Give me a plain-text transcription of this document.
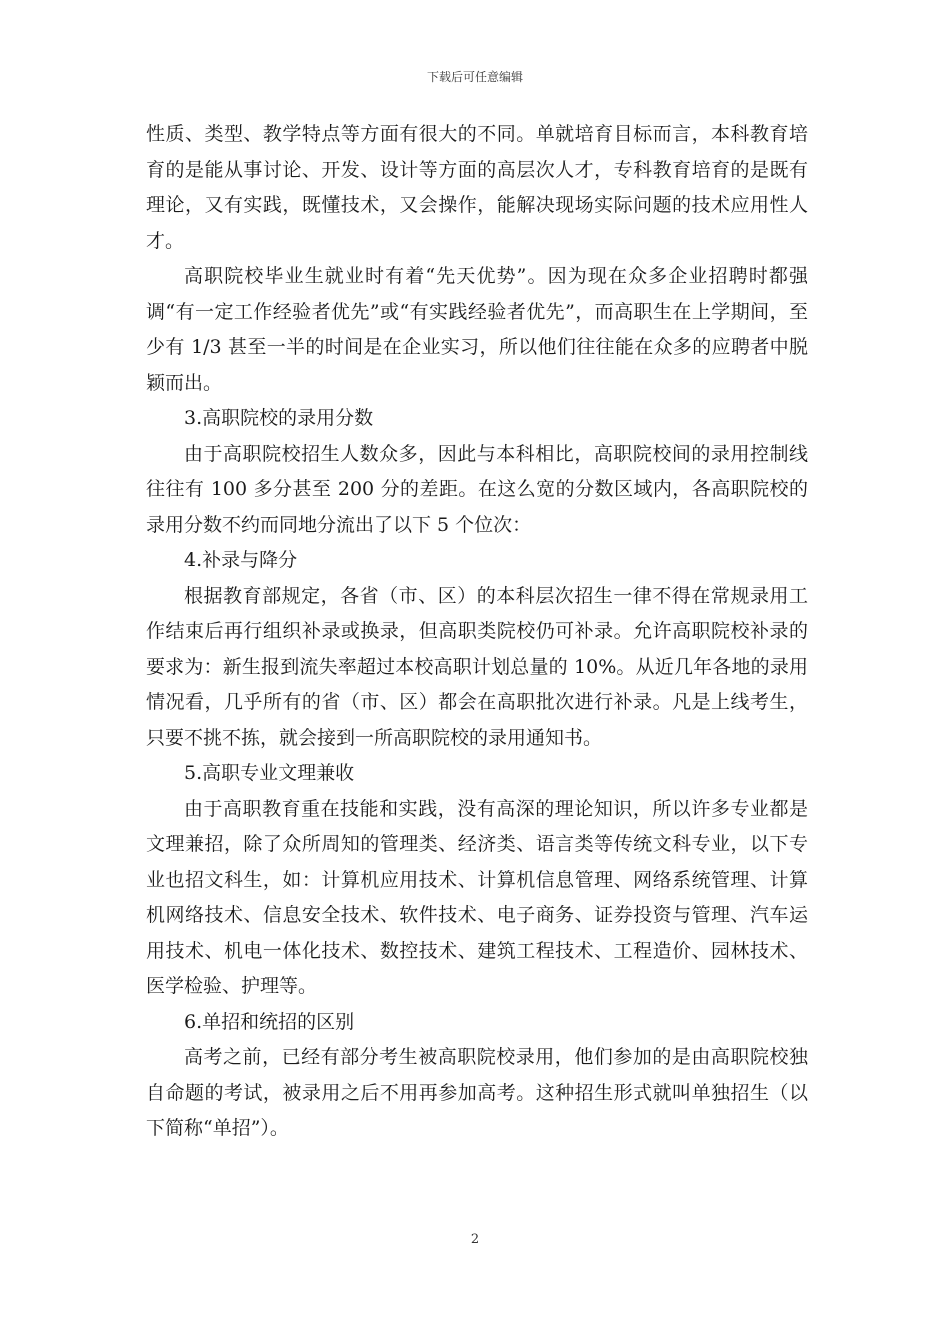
下载后可任意编辑

性质、类型、教学特点等方面有很大的不同。单就培育目标而言，本科教育培育的是能从事讨论、开发、设计等方面的高层次人才，专科教育培育的是既有理论，又有实践，既懂技术，又会操作，能解决现场实际问题的技术应用性人才。

高职院校毕业生就业时有着“先天优势”。因为现在众多企业招聘时都强调“有一定工作经验者优先”或“有实践经验者优先”，而高职生在上学期间，至少有 1/3 甚至一半的时间是在企业实习，所以他们往往能在众多的应聘者中脱颖而出。

3.高职院校的录用分数

由于高职院校招生人数众多，因此与本科相比，高职院校间的录用控制线往往有 100 多分甚至 200 分的差距。在这么宽的分数区域内，各高职院校的录用分数不约而同地分流出了以下 5 个位次：

4.补录与降分

根据教育部规定，各省（市、区）的本科层次招生一律不得在常规录用工作结束后再行组织补录或换录，但高职类院校仍可补录。允许高职院校补录的要求为：新生报到流失率超过本校高职计划总量的 10%。从近几年各地的录用情况看，几乎所有的省（市、区）都会在高职批次进行补录。凡是上线考生，只要不挑不拣，就会接到一所高职院校的录用通知书。

5.高职专业文理兼收

由于高职教育重在技能和实践，没有高深的理论知识，所以许多专业都是文理兼招，除了众所周知的管理类、经济类、语言类等传统文科专业，以下专业也招文科生，如：计算机应用技术、计算机信息管理、网络系统管理、计算机网络技术、信息安全技术、软件技术、电子商务、证券投资与管理、汽车运用技术、机电一体化技术、数控技术、建筑工程技术、工程造价、园林技术、医学检验、护理等。

6.单招和统招的区别

高考之前，已经有部分考生被高职院校录用，他们参加的是由高职院校独自命题的考试，被录用之后不用再参加高考。这种招生形式就叫单独招生（以下简称“单招”）。

2
